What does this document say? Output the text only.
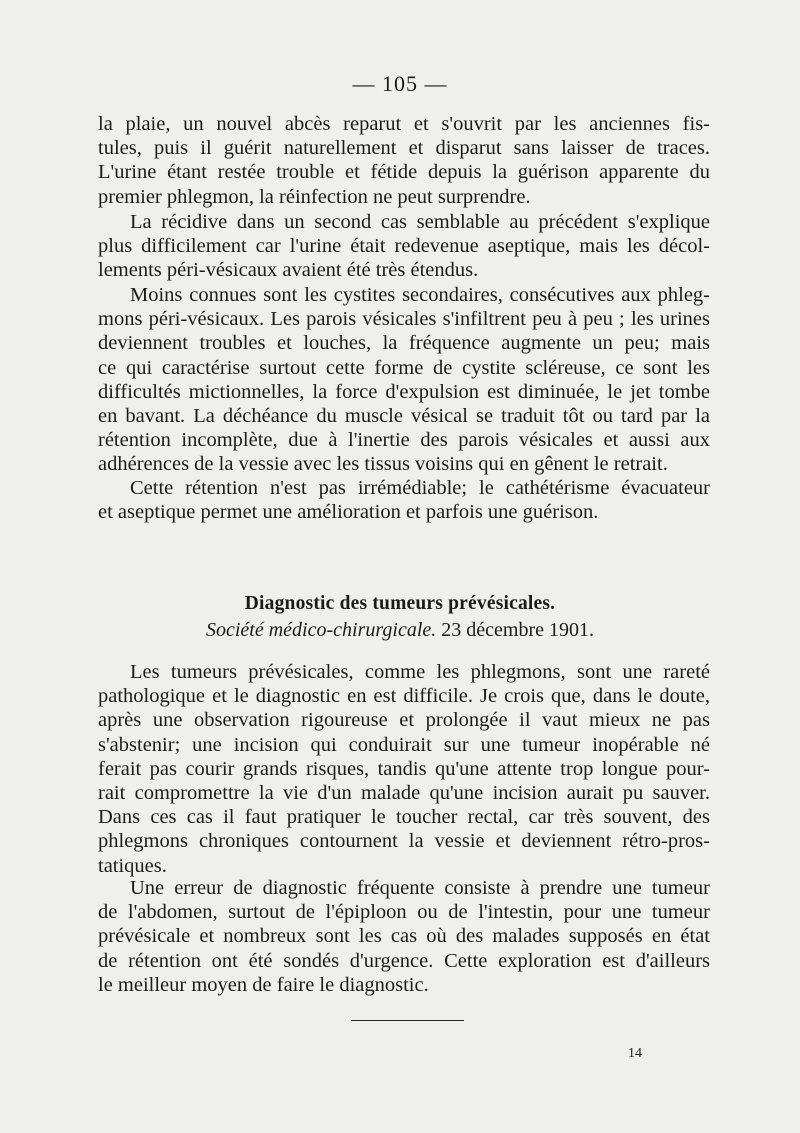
— 105 —
la plaie, un nouvel abcès reparut et s'ouvrit par les anciennes fis-
tules, puis il guérit naturellement et disparut sans laisser de traces.
L'urine étant restée trouble et fétide depuis la guérison apparente du
premier phlegmon, la réinfection ne peut surprendre.
La récidive dans un second cas semblable au précédent s'explique
plus difficilement car l'urine était redevenue aseptique, mais les décol-
lements péri-vésicaux avaient été très étendus.
Moins connues sont les cystites secondaires, consécutives aux phleg-
mons péri-vésicaux. Les parois vésicales s'infiltrent peu à peu ; les urines
deviennent troubles et louches, la fréquence augmente un peu; mais
ce qui caractérise surtout cette forme de cystite scléreuse, ce sont les
difficultés mictionnelles, la force d'expulsion est diminuée, le jet tombe
en bavant. La déchéance du muscle vésical se traduit tôt ou tard par la
rétention incomplète, due à l'inertie des parois vésicales et aussi aux
adhérences de la vessie avec les tissus voisins qui en gênent le retrait.
Cette rétention n'est pas irrémédiable; le cathétérisme évacuateur
et aseptique permet une amélioration et parfois une guérison.
Diagnostic des tumeurs prévésicales.
Société médico-chirurgicale. 23 décembre 1901.
Les tumeurs prévésicales, comme les phlegmons, sont une rareté
pathologique et le diagnostic en est difficile. Je crois que, dans le doute,
après une observation rigoureuse et prolongée il vaut mieux ne pas
s'abstenir; une incision qui conduirait sur une tumeur inopérable né
ferait pas courir grands risques, tandis qu'une attente trop longue pour-
rait compromettre la vie d'un malade qu'une incision aurait pu sauver.
Dans ces cas il faut pratiquer le toucher rectal, car très souvent, des
phlegmons chroniques contournent la vessie et deviennent rétro-pros-
tatiques.
Une erreur de diagnostic fréquente consiste à prendre une tumeur
de l'abdomen, surtout de l'épiploon ou de l'intestin, pour une tumeur
prévésicale et nombreux sont les cas où des malades supposés en état
de rétention ont été sondés d'urgence. Cette exploration est d'ailleurs
le meilleur moyen de faire le diagnostic.
14
